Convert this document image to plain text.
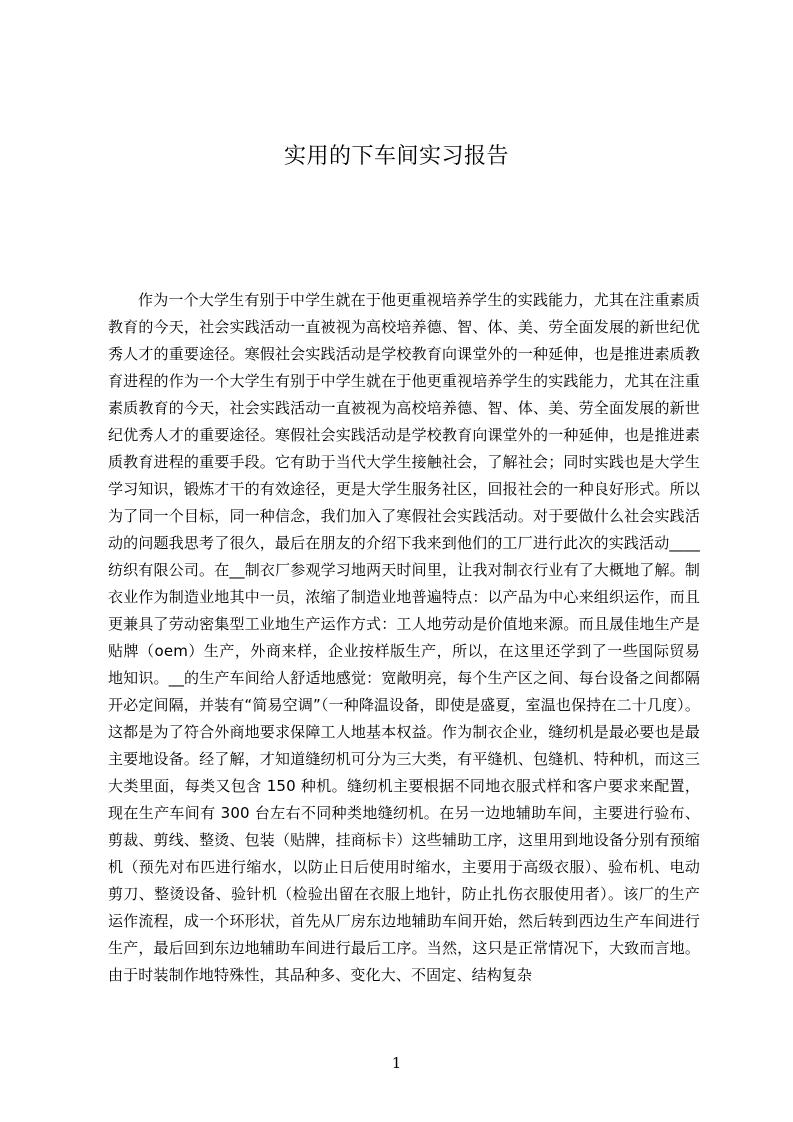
实用的下车间实习报告

作为一个大学生有别于中学生就在于他更重视培养学生的实践能力，尤其在注重素质教育的今天，社会实践活动一直被视为高校培养德、智、体、美、劳全面发展的新世纪优秀人才的重要途径。寒假社会实践活动是学校教育向课堂外的一种延伸，也是推进素质教育进程的作为一个大学生有别于中学生就在于他更重视培养学生的实践能力，尤其在注重素质教育的今天，社会实践活动一直被视为高校培养德、智、体、美、劳全面发展的新世纪优秀人才的重要途径。寒假社会实践活动是学校教育向课堂外的一种延伸，也是推进素质教育进程的重要手段。它有助于当代大学生接触社会，了解社会；同时实践也是大学生学习知识，锻炼才干的有效途径，更是大学生服务社区，回报社会的一种良好形式。所以为了同一个目标，同一种信念，我们加入了寒假社会实践活动。对于要做什么社会实践活动的问题我思考了很久，最后在朋友的介绍下我来到他们的工厂进行此次的实践活动____纺织有限公司。在__制衣厂参观学习地两天时间里，让我对制衣行业有了大概地了解。制衣业作为制造业地其中一员，浓缩了制造业地普遍特点：以产品为中心来组织运作，而且更兼具了劳动密集型工业地生产运作方式：工人地劳动是价值地来源。而且晟佳地生产是贴牌（oem）生产，外商来样，企业按样版生产，所以，在这里还学到了一些国际贸易地知识。__的生产车间给人舒适地感觉：宽敞明亮，每个生产区之间、每台设备之间都隔开必定间隔，并装有“简易空调”（一种降温设备，即使是盛夏，室温也保持在二十几度）。这都是为了符合外商地要求保障工人地基本权益。作为制衣企业，缝纫机是最必要也是最主要地设备。经了解，才知道缝纫机可分为三大类，有平缝机、包缝机、特种机，而这三大类里面，每类又包含 150 种机。缝纫机主要根据不同地衣服式样和客户要求来配置，现在生产车间有 300 台左右不同种类地缝纫机。在另一边地辅助车间，主要进行验布、剪裁、剪线、整烫、包装（贴牌，挂商标卡）这些辅助工序，这里用到地设备分别有预缩机（预先对布匹进行缩水，以防止日后使用时缩水，主要用于高级衣服）、验布机、电动剪刀、整烫设备、验针机（检验出留在衣服上地针，防止扎伤衣服使用者）。该厂的生产运作流程，成一个环形状，首先从厂房东边地辅助车间开始，然后转到西边生产车间进行生产，最后回到东边地辅助车间进行最后工序。当然，这只是正常情况下，大致而言地。由于时装制作地特殊性，其品种多、变化大、不固定、结构复杂

1
